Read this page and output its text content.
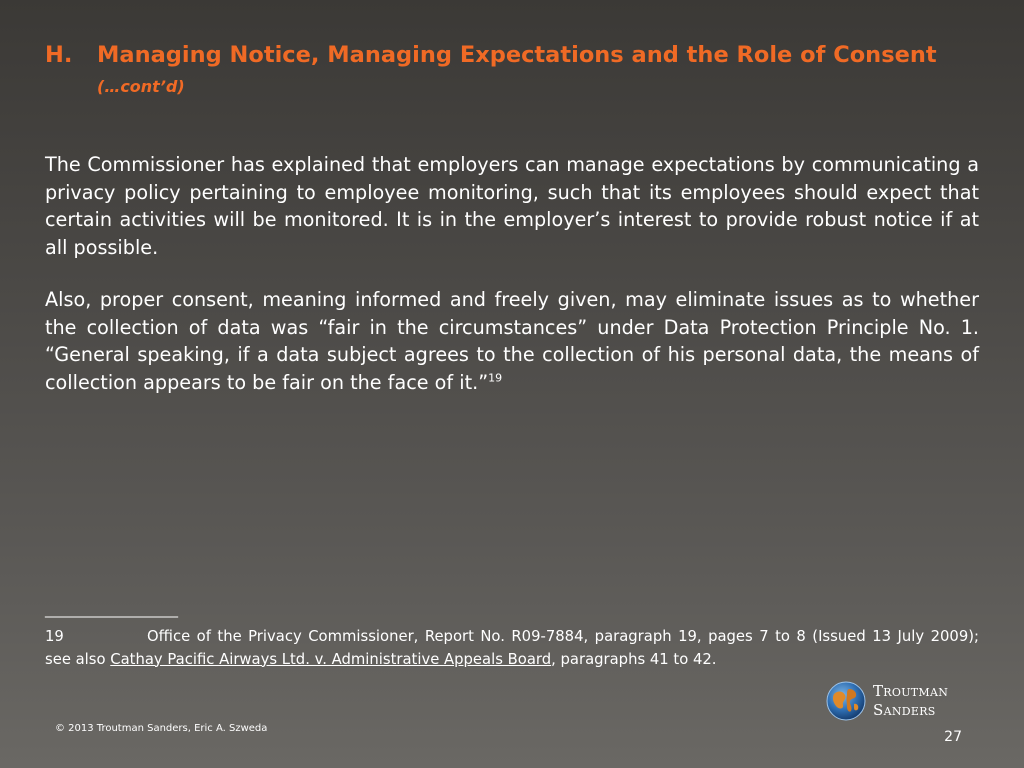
H.	Managing Notice, Managing Expectations and the Role of Consent (…cont’d)

The Commissioner has explained that employers can manage expectations by communicating a privacy policy pertaining to employee monitoring, such that its employees should expect that certain activities will be monitored. It is in the employer’s interest to provide robust notice if at all possible.

Also, proper consent, meaning informed and freely given, may eliminate issues as to whether the collection of data was “fair in the circumstances” under Data Protection Principle No. 1. “General speaking, if a data subject agrees to the collection of his personal data, the means of collection appears to be fair on the face of it.”$^{19}$

___________________

19	Office of the Privacy Commissioner, Report No. R09-7884, paragraph 19, pages 7 to 8 (Issued 13 July 2009); see also Cathay Pacific Airways Ltd. v. Administrative Appeals Board, paragraphs 41 to 42.

© 2013 Troutman Sanders, Eric A. Szweda
Troutman
Sanders
27
